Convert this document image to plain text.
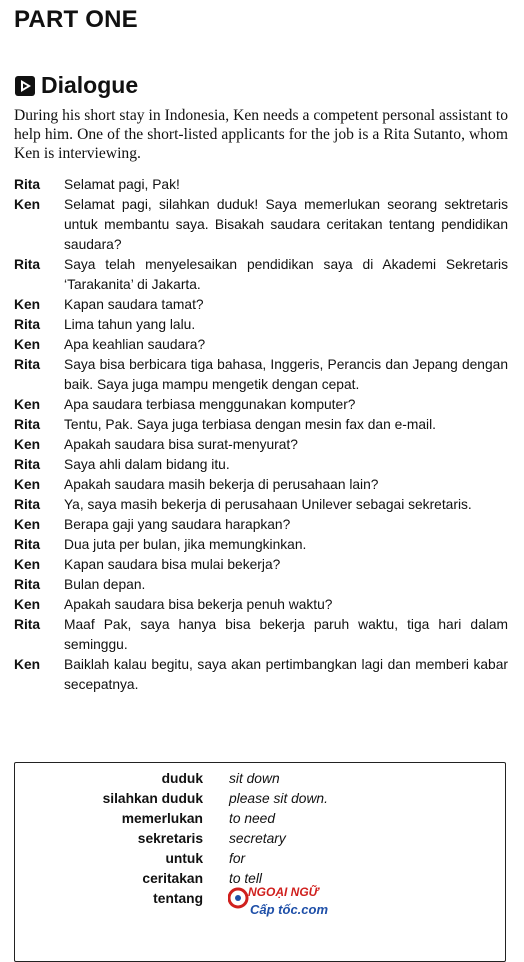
PART ONE
Dialogue

During his short stay in Indonesia, Ken needs a competent personal assistant to help him. One of the short-listed applicants for the job is a Rita Sutanto, whom Ken is interviewing.

Rita	Selamat pagi, Pak!
Ken	Selamat pagi, silahkan duduk! Saya memerlukan seorang sektretaris untuk membantu saya. Bisakah saudara ceritakan tentang pendidikan saudara?
Rita	Saya telah menyelesaikan pendidikan saya di Akademi Sekretaris ‘Tarakanita’ di Jakarta.
Ken	Kapan saudara tamat?
Rita	Lima tahun yang lalu.
Ken	Apa keahlian saudara?
Rita	Saya bisa berbicara tiga bahasa, Inggeris, Perancis dan Jepang dengan baik. Saya juga mampu mengetik dengan cepat.
Ken	Apa saudara terbiasa menggunakan komputer?
Rita	Tentu, Pak. Saya juga terbiasa dengan mesin fax dan e-mail.
Ken	Apakah saudara bisa surat-menyurat?
Rita	Saya ahli dalam bidang itu.
Ken	Apakah saudara masih bekerja di perusahaan lain?
Rita	Ya, saya masih bekerja di perusahaan Unilever sebagai sekretaris.
Ken	Berapa gaji yang saudara harapkan?
Rita	Dua juta per bulan, jika memungkinkan.
Ken	Kapan saudara bisa mulai bekerja?
Rita	Bulan depan.
Ken	Apakah saudara bisa bekerja penuh waktu?
Rita	Maaf Pak, saya hanya bisa bekerja paruh waktu, tiga hari dalam seminggu.
Ken	Baiklah kalau begitu, saya akan pertimbangkan lagi dan memberi kabar secepatnya.
duduk	sit down
silahkan duduk	please sit down.
memerlukan	to need
sekretaris	secretary
untuk	for
ceritakan	to tell
tentang	NGOẠI NGỮ
Cấp tốc.com
